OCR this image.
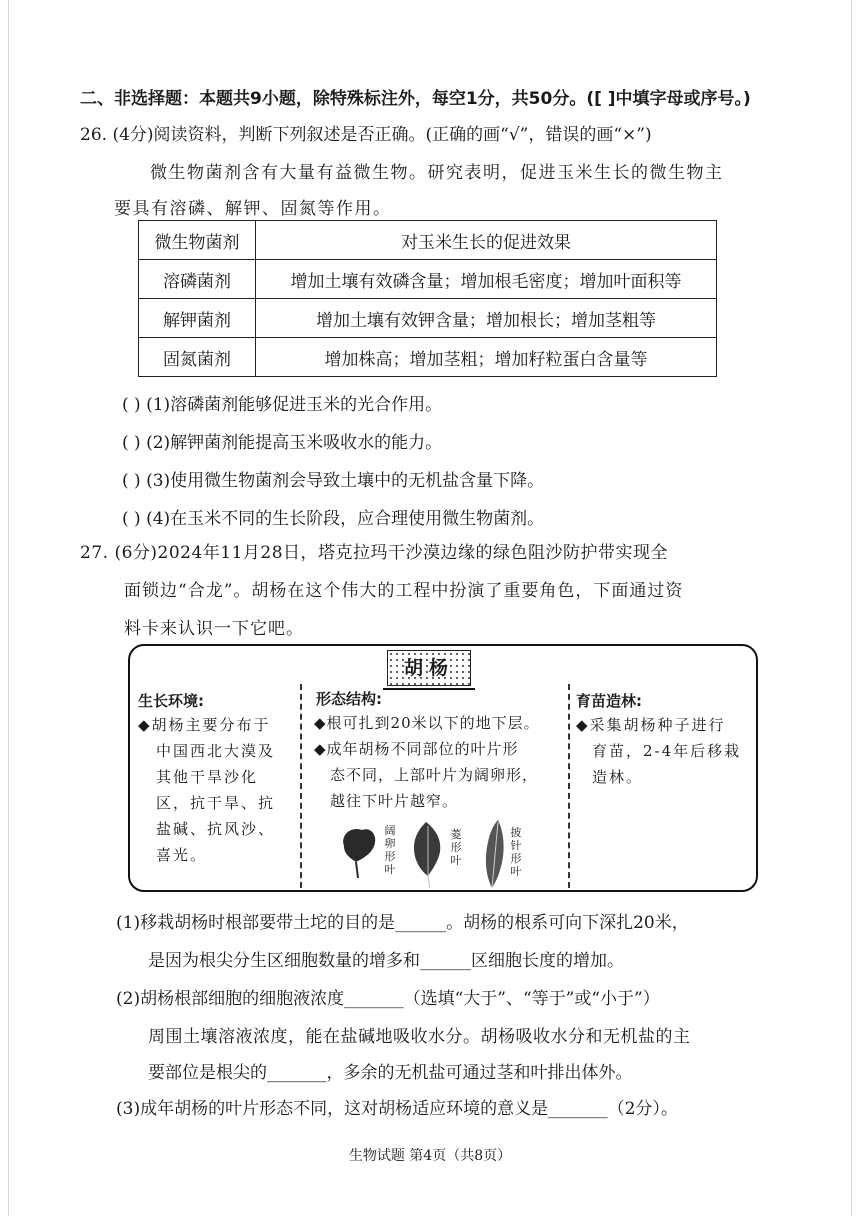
二、非选择题：本题共9小题，除特殊标注外，每空1分，共50分。([ ]中填字母或序号。)
26. (4分)阅读资料，判断下列叙述是否正确。(正确的画“√”，错误的画“×”)
微生物菌剂含有大量有益微生物。研究表明，促进玉米生长的微生物主
要具有溶磷、解钾、固氮等作用。
微生物菌剂	对玉米生长的促进效果
溶磷菌剂	增加土壤有效磷含量；增加根毛密度；增加叶面积等
解钾菌剂	增加土壤有效钾含量；增加根长；增加茎粗等
固氮菌剂	增加株高；增加茎粗；增加籽粒蛋白含量等
( ) (1)溶磷菌剂能够促进玉米的光合作用。
( ) (2)解钾菌剂能提高玉米吸收水的能力。
( ) (3)使用微生物菌剂会导致土壤中的无机盐含量下降。
( ) (4)在玉米不同的生长阶段，应合理使用微生物菌剂。
27. (6分)2024年11月28日，塔克拉玛干沙漠边缘的绿色阻沙防护带实现全
面锁边“合龙”。胡杨在这个伟大的工程中扮演了重要角色，下面通过资
料卡来认识一下它吧。
胡杨
生长环境:
◆胡杨主要分布于
中国西北大漠及
其他干旱沙化
区，抗干旱、抗
盐碱、抗风沙、
喜光。
形态结构:
◆根可扎到20米以下的地下层。
◆成年胡杨不同部位的叶片形
态不同，上部叶片为阔卵形，
越往下叶片越窄。
阔
卵
形
叶
菱
形
叶
披
针
形
叶
育苗造林:
◆采集胡杨种子进行
育苗，2-4年后移栽
造林。
(1)移栽胡杨时根部要带土坨的目的是______。胡杨的根系可向下深扎20米，
是因为根尖分生区细胞数量的增多和______区细胞长度的增加。
(2)胡杨根部细胞的细胞液浓度_______（选填“大于”、“等于”或“小于”）
周围土壤溶液浓度，能在盐碱地吸收水分。胡杨吸收水分和无机盐的主
要部位是根尖的_______，多余的无机盐可通过茎和叶排出体外。
(3)成年胡杨的叶片形态不同，这对胡杨适应环境的意义是_______（2分）。
生物试题 第4页（共8页）
